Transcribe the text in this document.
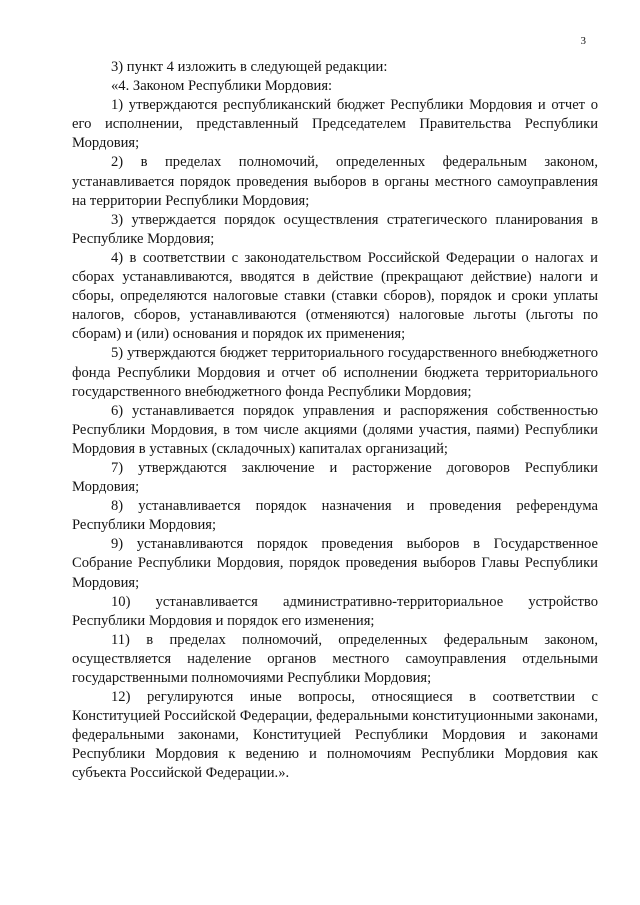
3

3) пункт 4 изложить в следующей редакции:

«4. Законом Республики Мордовия:

1) утверждаются республиканский бюджет Республики Мордовия и отчет о его исполнении, представленный Председателем Правительства Республики Мордовия;

2) в пределах полномочий, определенных федеральным законом, устанавливается порядок проведения выборов в органы местного самоуправления на территории Республики Мордовия;

3) утверждается порядок осуществления стратегического планирования в Республике Мордовия;

4) в соответствии с законодательством Российской Федерации о налогах и сборах устанавливаются, вводятся в действие (прекращают действие) налоги и сборы, определяются налоговые ставки (ставки сборов), порядок и сроки уплаты налогов, сборов, устанавливаются (отменяются) налоговые льготы (льготы по сборам) и (или) основания и порядок их применения;

5) утверждаются бюджет территориального государственного внебюджетного фонда Республики Мордовия и отчет об исполнении бюджета территориального государственного внебюджетного фонда Республики Мордовия;

6) устанавливается порядок управления и распоряжения собственностью Республики Мордовия, в том числе акциями (долями участия, паями) Республики Мордовия в уставных (складочных) капиталах организаций;

7) утверждаются заключение и расторжение договоров Республики Мордовия;

8) устанавливается порядок назначения и проведения референдума Республики Мордовия;

9) устанавливаются порядок проведения выборов в Государственное Собрание Республики Мордовия, порядок проведения выборов Главы Республики Мордовия;

10) устанавливается административно-территориальное устройство Республики Мордовия и порядок его изменения;

11) в пределах полномочий, определенных федеральным законом, осуществляется наделение органов местного самоуправления отдельными государственными полномочиями Республики Мордовия;

12) регулируются иные вопросы, относящиеся в соответствии с Конституцией Российской Федерации, федеральными конституционными законами, федеральными законами, Конституцией Республики Мордовия и законами Республики Мордовия к ведению и полномочиям Республики Мордовия как субъекта Российской Федерации.».
